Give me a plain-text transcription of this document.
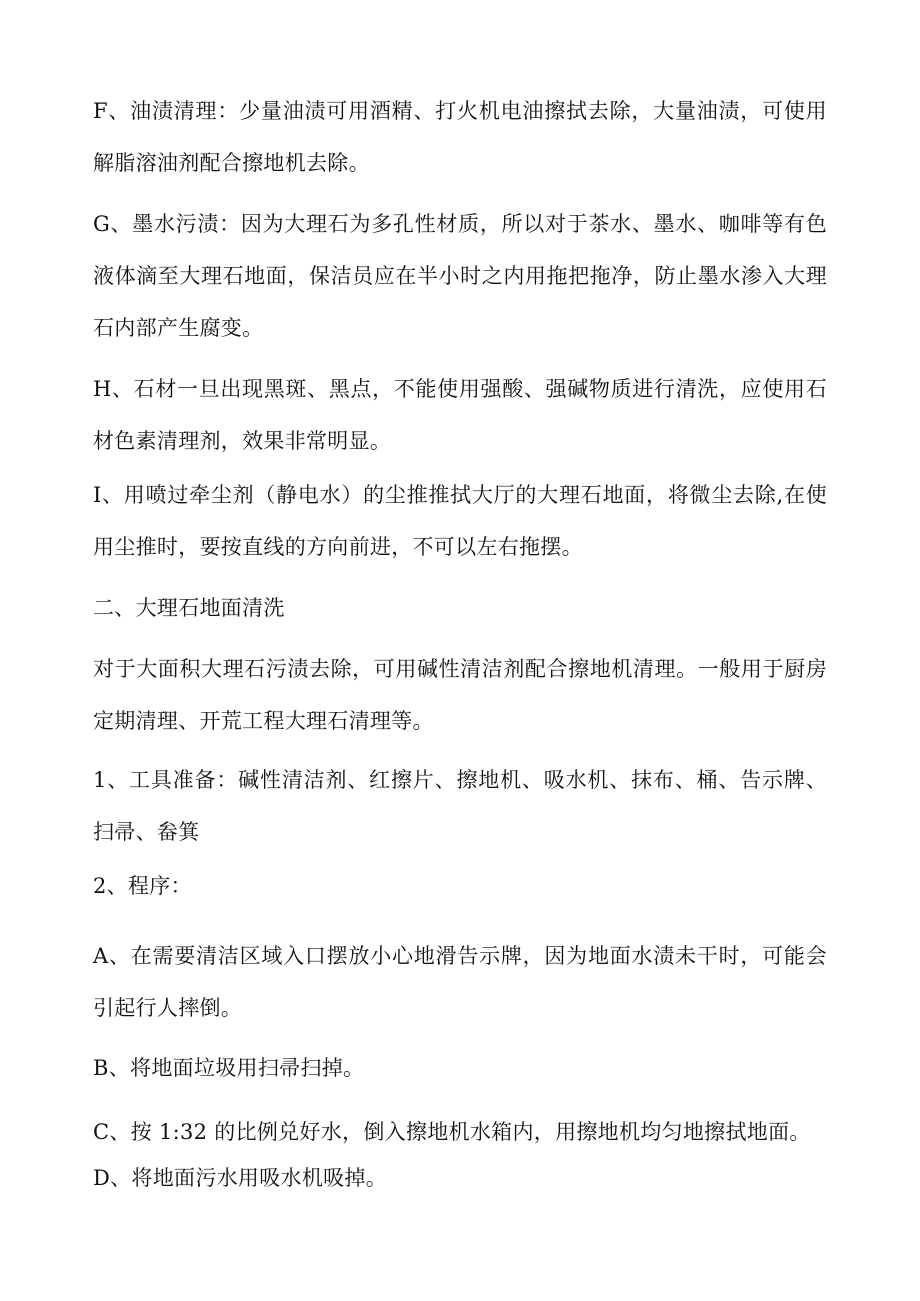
F、油渍清理：少量油渍可用酒精、打火机电油擦拭去除，大量油渍，可使用解脂溶油剂配合擦地机去除。

G、墨水污渍：因为大理石为多孔性材质，所以对于茶水、墨水、咖啡等有色液体滴至大理石地面，保洁员应在半小时之内用拖把拖净，防止墨水渗入大理石内部产生腐变。

H、石材一旦出现黑斑、黑点，不能使用强酸、强碱物质进行清洗，应使用石材色素清理剂，效果非常明显。

I、用喷过牵尘剂（静电水）的尘推推拭大厅的大理石地面，将微尘去除,在使用尘推时，要按直线的方向前进，不可以左右拖摆。

二、大理石地面清洗

对于大面积大理石污渍去除，可用碱性清洁剂配合擦地机清理。一般用于厨房定期清理、开荒工程大理石清理等。

1、工具准备：碱性清洁剂、红擦片、擦地机、吸水机、抹布、桶、告示牌、扫帚、畚箕

2、程序：

A、在需要清洁区域入口摆放小心地滑告示牌，因为地面水渍未干时，可能会引起行人摔倒。

B、将地面垃圾用扫帚扫掉。

C、按 1:32 的比例兑好水，倒入擦地机水箱内，用擦地机均匀地擦拭地面。

D、将地面污水用吸水机吸掉。
